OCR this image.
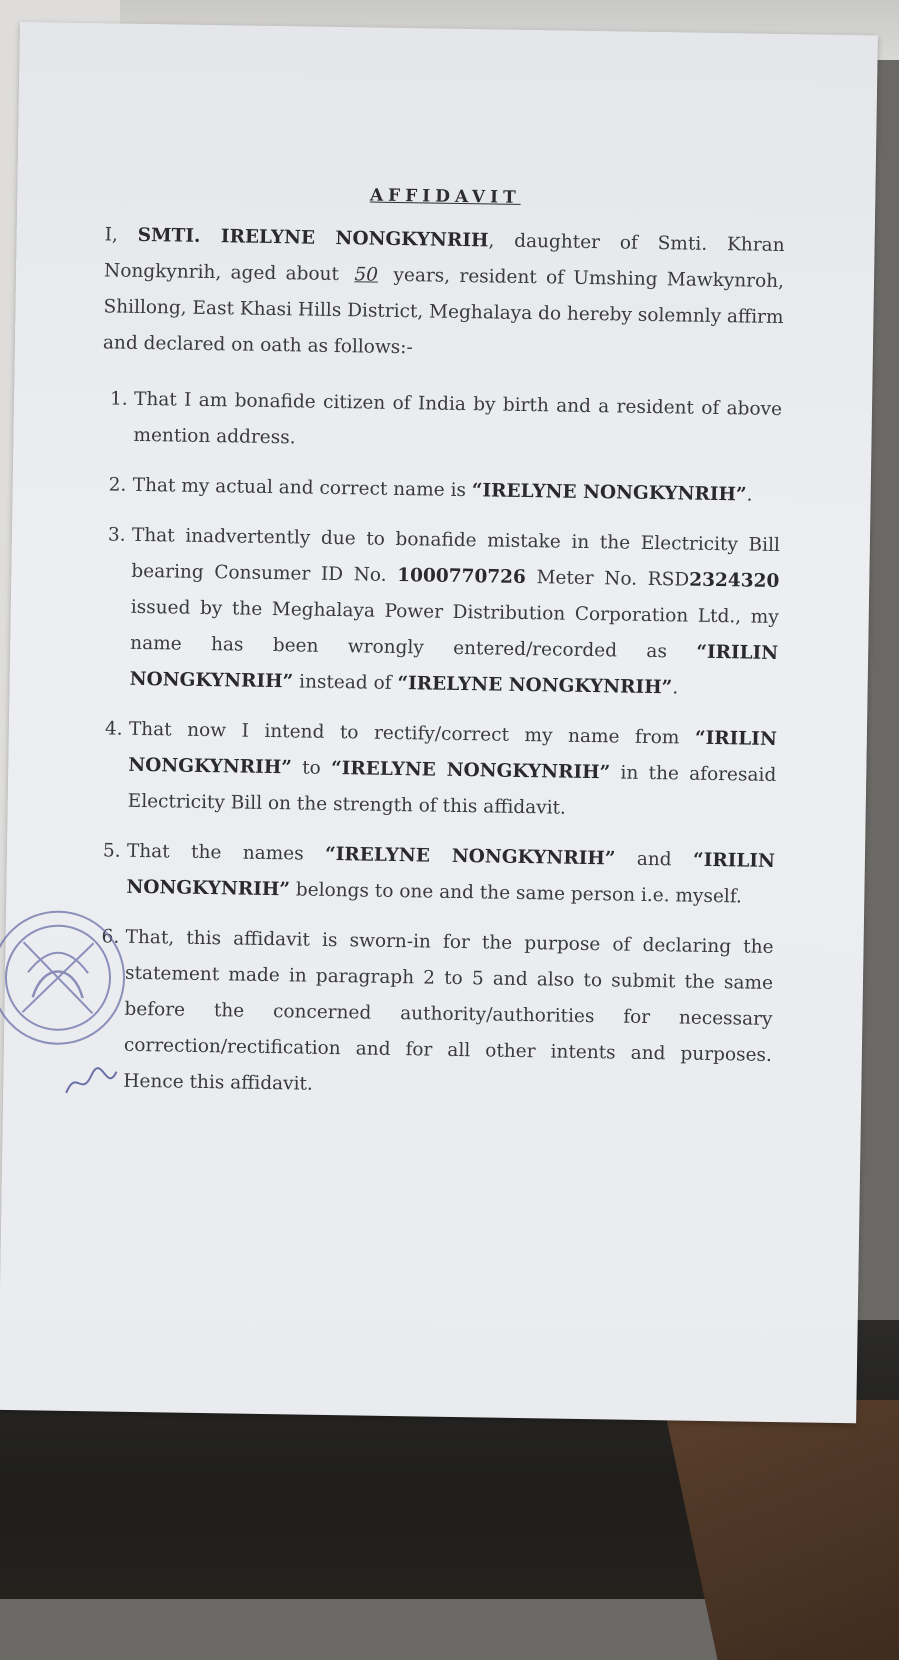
AFFIDAVIT

I, SMTI. IRELYNE NONGKYNRIH, daughter of Smti. Khran Nongkynrih, aged about 50 years, resident of Umshing Mawkynroh, Shillong, East Khasi Hills District, Meghalaya do hereby solemnly affirm and declared on oath as follows:-

1. That I am bonafide citizen of India by birth and a resident of above mention address.
2. That my actual and correct name is “IRELYNE NONGKYNRIH”.
3. That inadvertently due to bonafide mistake in the Electricity Bill bearing Consumer ID No. 1000770726 Meter No. RSD2324320 issued by the Meghalaya Power Distribution Corporation Ltd., my name has been wrongly entered/recorded as “IRILIN NONGKYNRIH” instead of “IRELYNE NONGKYNRIH”.
4. That now I intend to rectify/correct my name from “IRILIN NONGKYNRIH” to “IRELYNE NONGKYNRIH” in the aforesaid Electricity Bill on the strength of this affidavit.
5. That the names “IRELYNE NONGKYNRIH” and “IRILIN NONGKYNRIH” belongs to one and the same person i.e. myself.
6. That, this affidavit is sworn-in for the purpose of declaring the statement made in paragraph 2 to 5 and also to submit the same before the concerned authority/authorities for necessary correction/rectification and for all other intents and purposes. Hence this affidavit.
